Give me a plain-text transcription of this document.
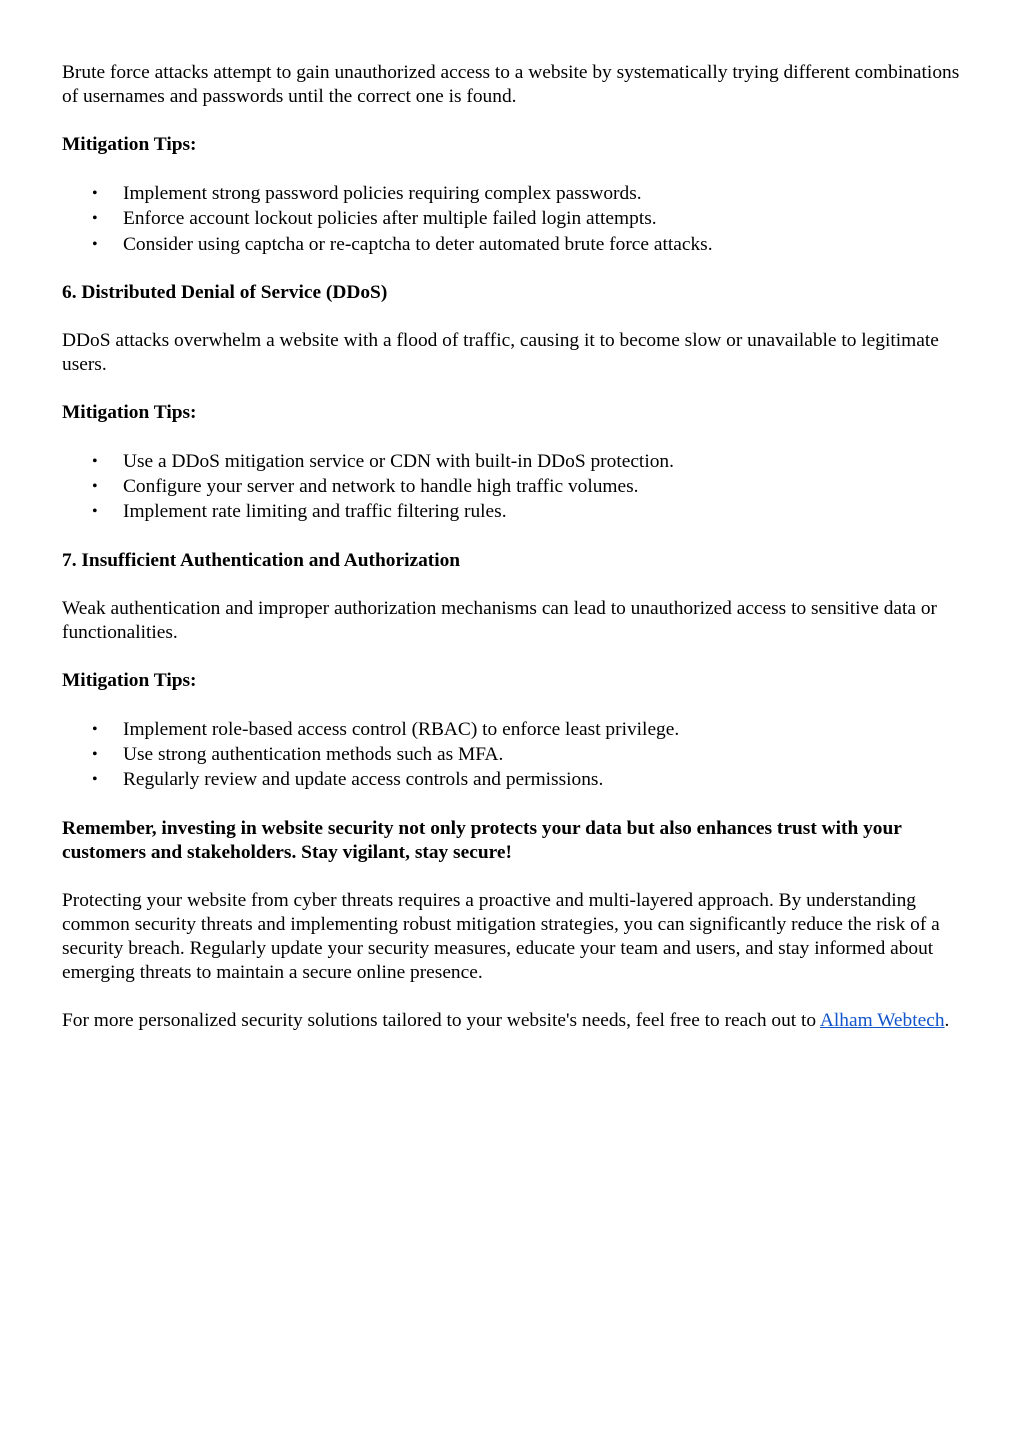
Brute force attacks attempt to gain unauthorized access to a website by systematically trying different combinations of usernames and passwords until the correct one is found.

Mitigation Tips:

•	Implement strong password policies requiring complex passwords.
•	Enforce account lockout policies after multiple failed login attempts.
•	Consider using captcha or re-captcha to deter automated brute force attacks.

6. Distributed Denial of Service (DDoS)

DDoS attacks overwhelm a website with a flood of traffic, causing it to become slow or unavailable to legitimate users.

Mitigation Tips:

•	Use a DDoS mitigation service or CDN with built-in DDoS protection.
•	Configure your server and network to handle high traffic volumes.
•	Implement rate limiting and traffic filtering rules.

7. Insufficient Authentication and Authorization

Weak authentication and improper authorization mechanisms can lead to unauthorized access to sensitive data or functionalities.

Mitigation Tips:

•	Implement role-based access control (RBAC) to enforce least privilege.
•	Use strong authentication methods such as MFA.
•	Regularly review and update access controls and permissions.

Remember, investing in website security not only protects your data but also enhances trust with your customers and stakeholders. Stay vigilant, stay secure!

Protecting your website from cyber threats requires a proactive and multi-layered approach. By understanding common security threats and implementing robust mitigation strategies, you can significantly reduce the risk of a security breach. Regularly update your security measures, educate your team and users, and stay informed about emerging threats to maintain a secure online presence.

For more personalized security solutions tailored to your website's needs, feel free to reach out to Alham Webtech.
